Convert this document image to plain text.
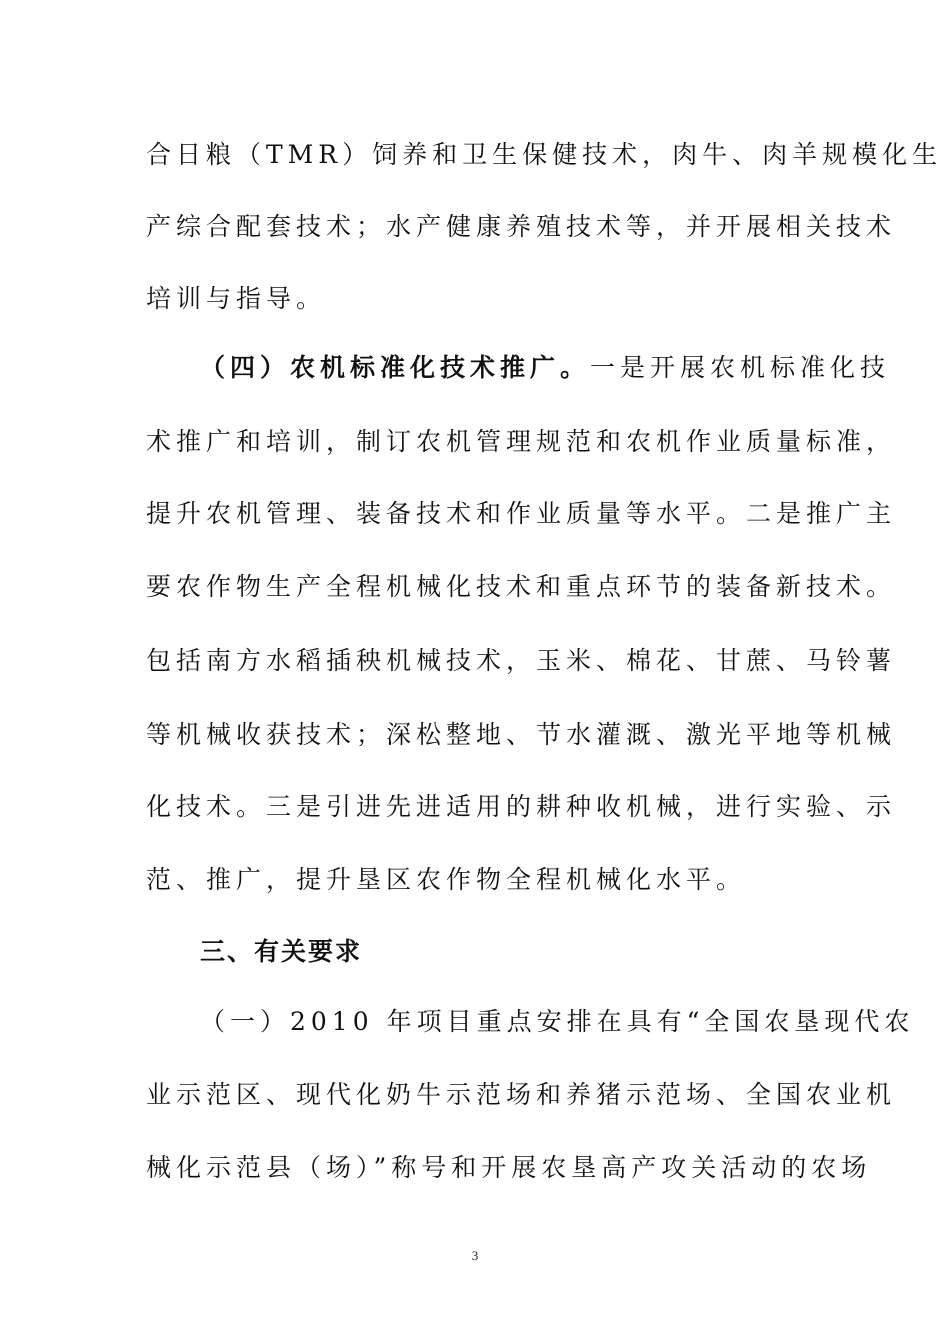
合日粮（TMR）饲养和卫生保健技术，肉牛、肉羊规模化生
产综合配套技术；水产健康养殖技术等，并开展相关技术
培训与指导。
（四）农机标准化技术推广。一是开展农机标准化技
术推广和培训，制订农机管理规范和农机作业质量标准，
提升农机管理、装备技术和作业质量等水平。二是推广主
要农作物生产全程机械化技术和重点环节的装备新技术。
包括南方水稻插秧机械技术，玉米、棉花、甘蔗、马铃薯
等机械收获技术；深松整地、节水灌溉、激光平地等机械
化技术。三是引进先进适用的耕种收机械，进行实验、示
范、推广，提升垦区农作物全程机械化水平。
三、有关要求
（一）2010 年项目重点安排在具有“全国农垦现代农
业示范区、现代化奶牛示范场和养猪示范场、全国农业机
械化示范县（场）”称号和开展农垦高产攻关活动的农场
3
